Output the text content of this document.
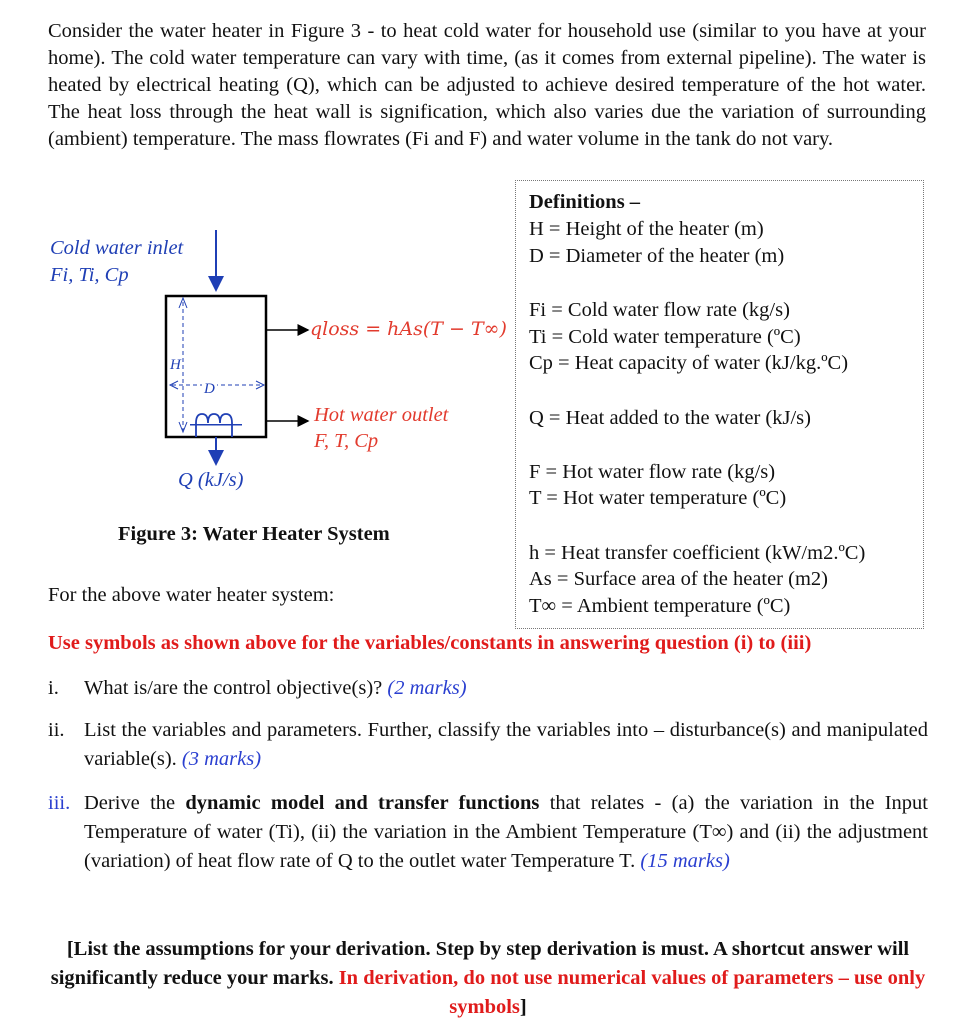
Consider the water heater in Figure 3 - to heat cold water for household use (similar to you have at your home). The cold water temperature can vary with time, (as it comes from external pipeline). The water is heated by electrical heating (Q), which can be adjusted to achieve desired temperature of the hot water. The heat loss through the heat wall is signification, which also varies due the variation of surrounding (ambient) temperature. The mass flowrates (Fi and F) and water volume in the tank do not vary.
Cold water inlet
Fi, Ti, Cp
qloss = hAs(T − T∞)
H
D
Hot water outlet
F, T, Cp
Q (kJ/s)
Figure 3: Water Heater System
Definitions –
H = Height of the heater (m)
D = Diameter of the heater (m)
Fi = Cold water flow rate (kg/s)
Ti = Cold water temperature (ºC)
Cp = Heat capacity of water (kJ/kg.ºC)
Q = Heat added to the water (kJ/s)
F = Hot water flow rate (kg/s)
T = Hot water temperature (ºC)
h = Heat transfer coefficient (kW/m2.ºC)
As = Surface area of the heater (m2)
T∞ = Ambient temperature (ºC)
For the above water heater system:
Use symbols as shown above for the variables/constants in answering question (i) to (iii)
i. What is/are the control objective(s)? (2 marks)
ii. List the variables and parameters. Further, classify the variables into – disturbance(s) and manipulated variable(s). (3 marks)
iii. Derive the dynamic model and transfer functions that relates - (a) the variation in the Input Temperature of water (Ti), (ii) the variation in the Ambient Temperature (T∞) and (ii) the adjustment (variation) of heat flow rate of Q to the outlet water Temperature T. (15 marks)
[List the assumptions for your derivation. Step by step derivation is must. A shortcut answer will significantly reduce your marks. In derivation, do not use numerical values of parameters – use only symbols]
